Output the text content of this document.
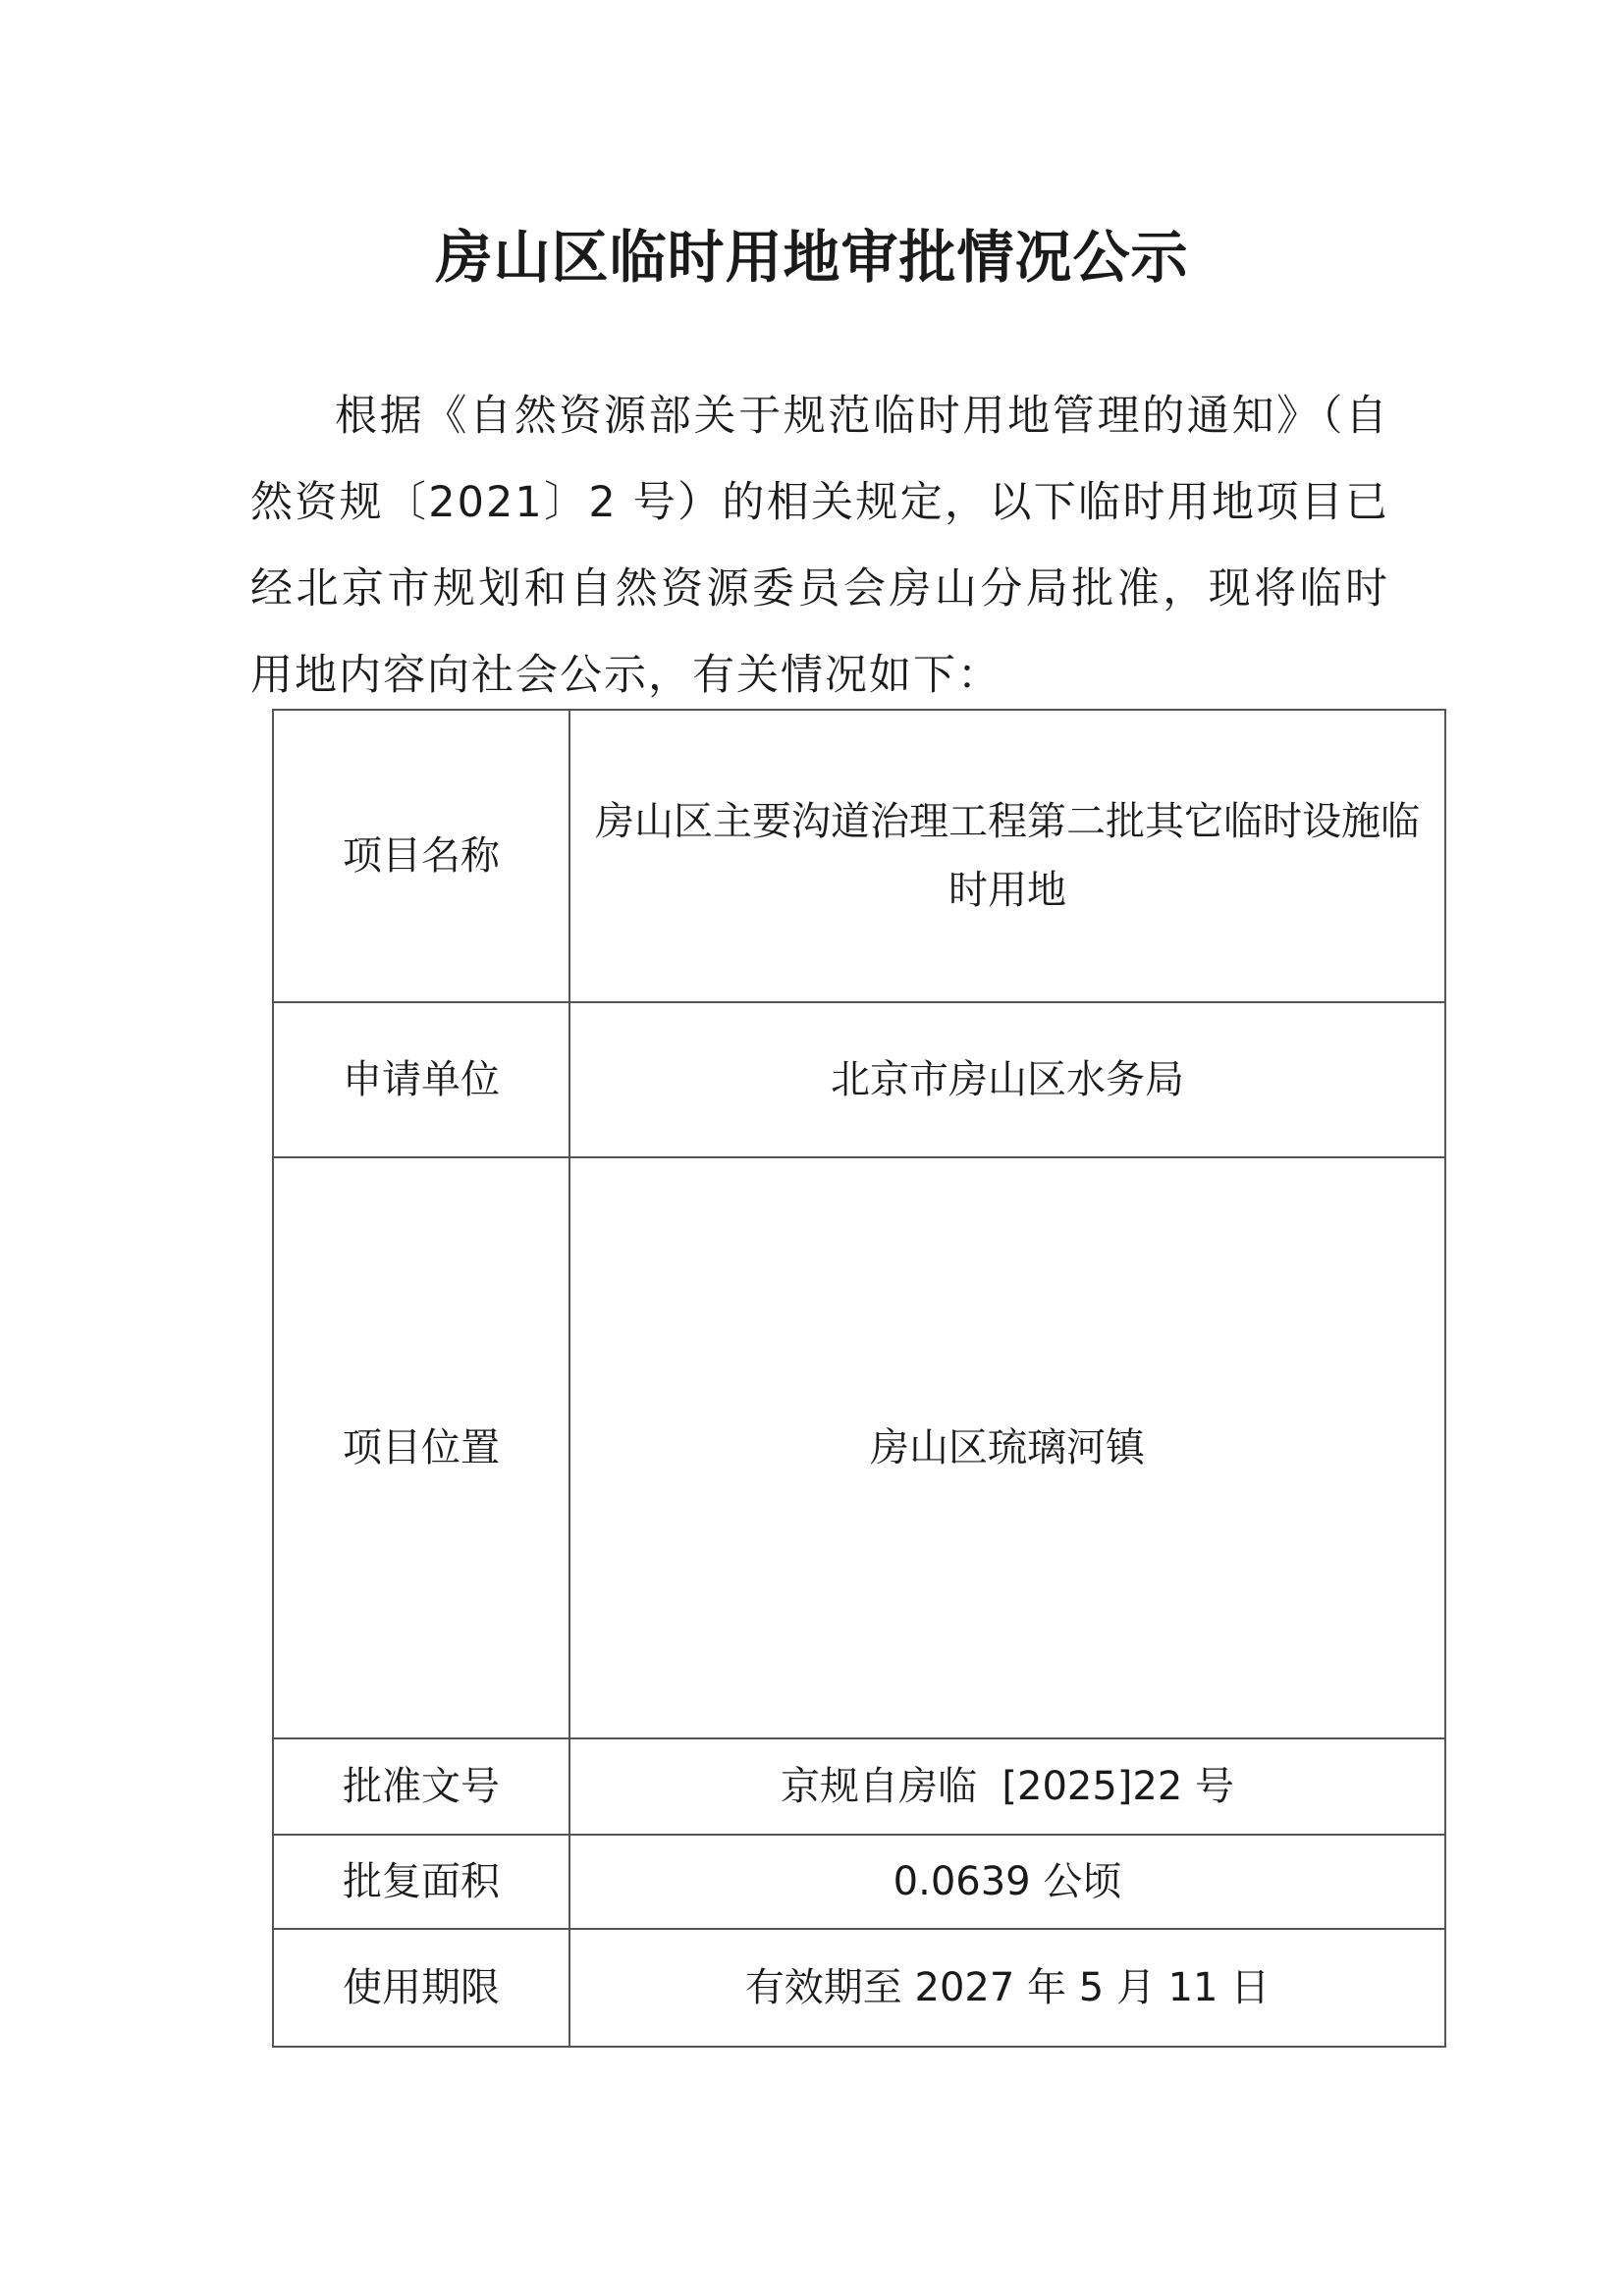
房山区临时用地审批情况公示

根据《自然资源部关于规范临时用地管理的通知》（自然资规〔2021〕2 号）的相关规定，以下临时用地项目已经北京市规划和自然资源委员会房山分局批准，现将临时用地内容向社会公示，有关情况如下：

项目名称	房山区主要沟道治理工程第二批其它临时设施临时用地
申请单位	北京市房山区水务局
项目位置	房山区琉璃河镇
批准文号	京规自房临  [2025]22 号
批复面积	0.0639 公顷
使用期限	有效期至 2027 年 5 月 11 日
